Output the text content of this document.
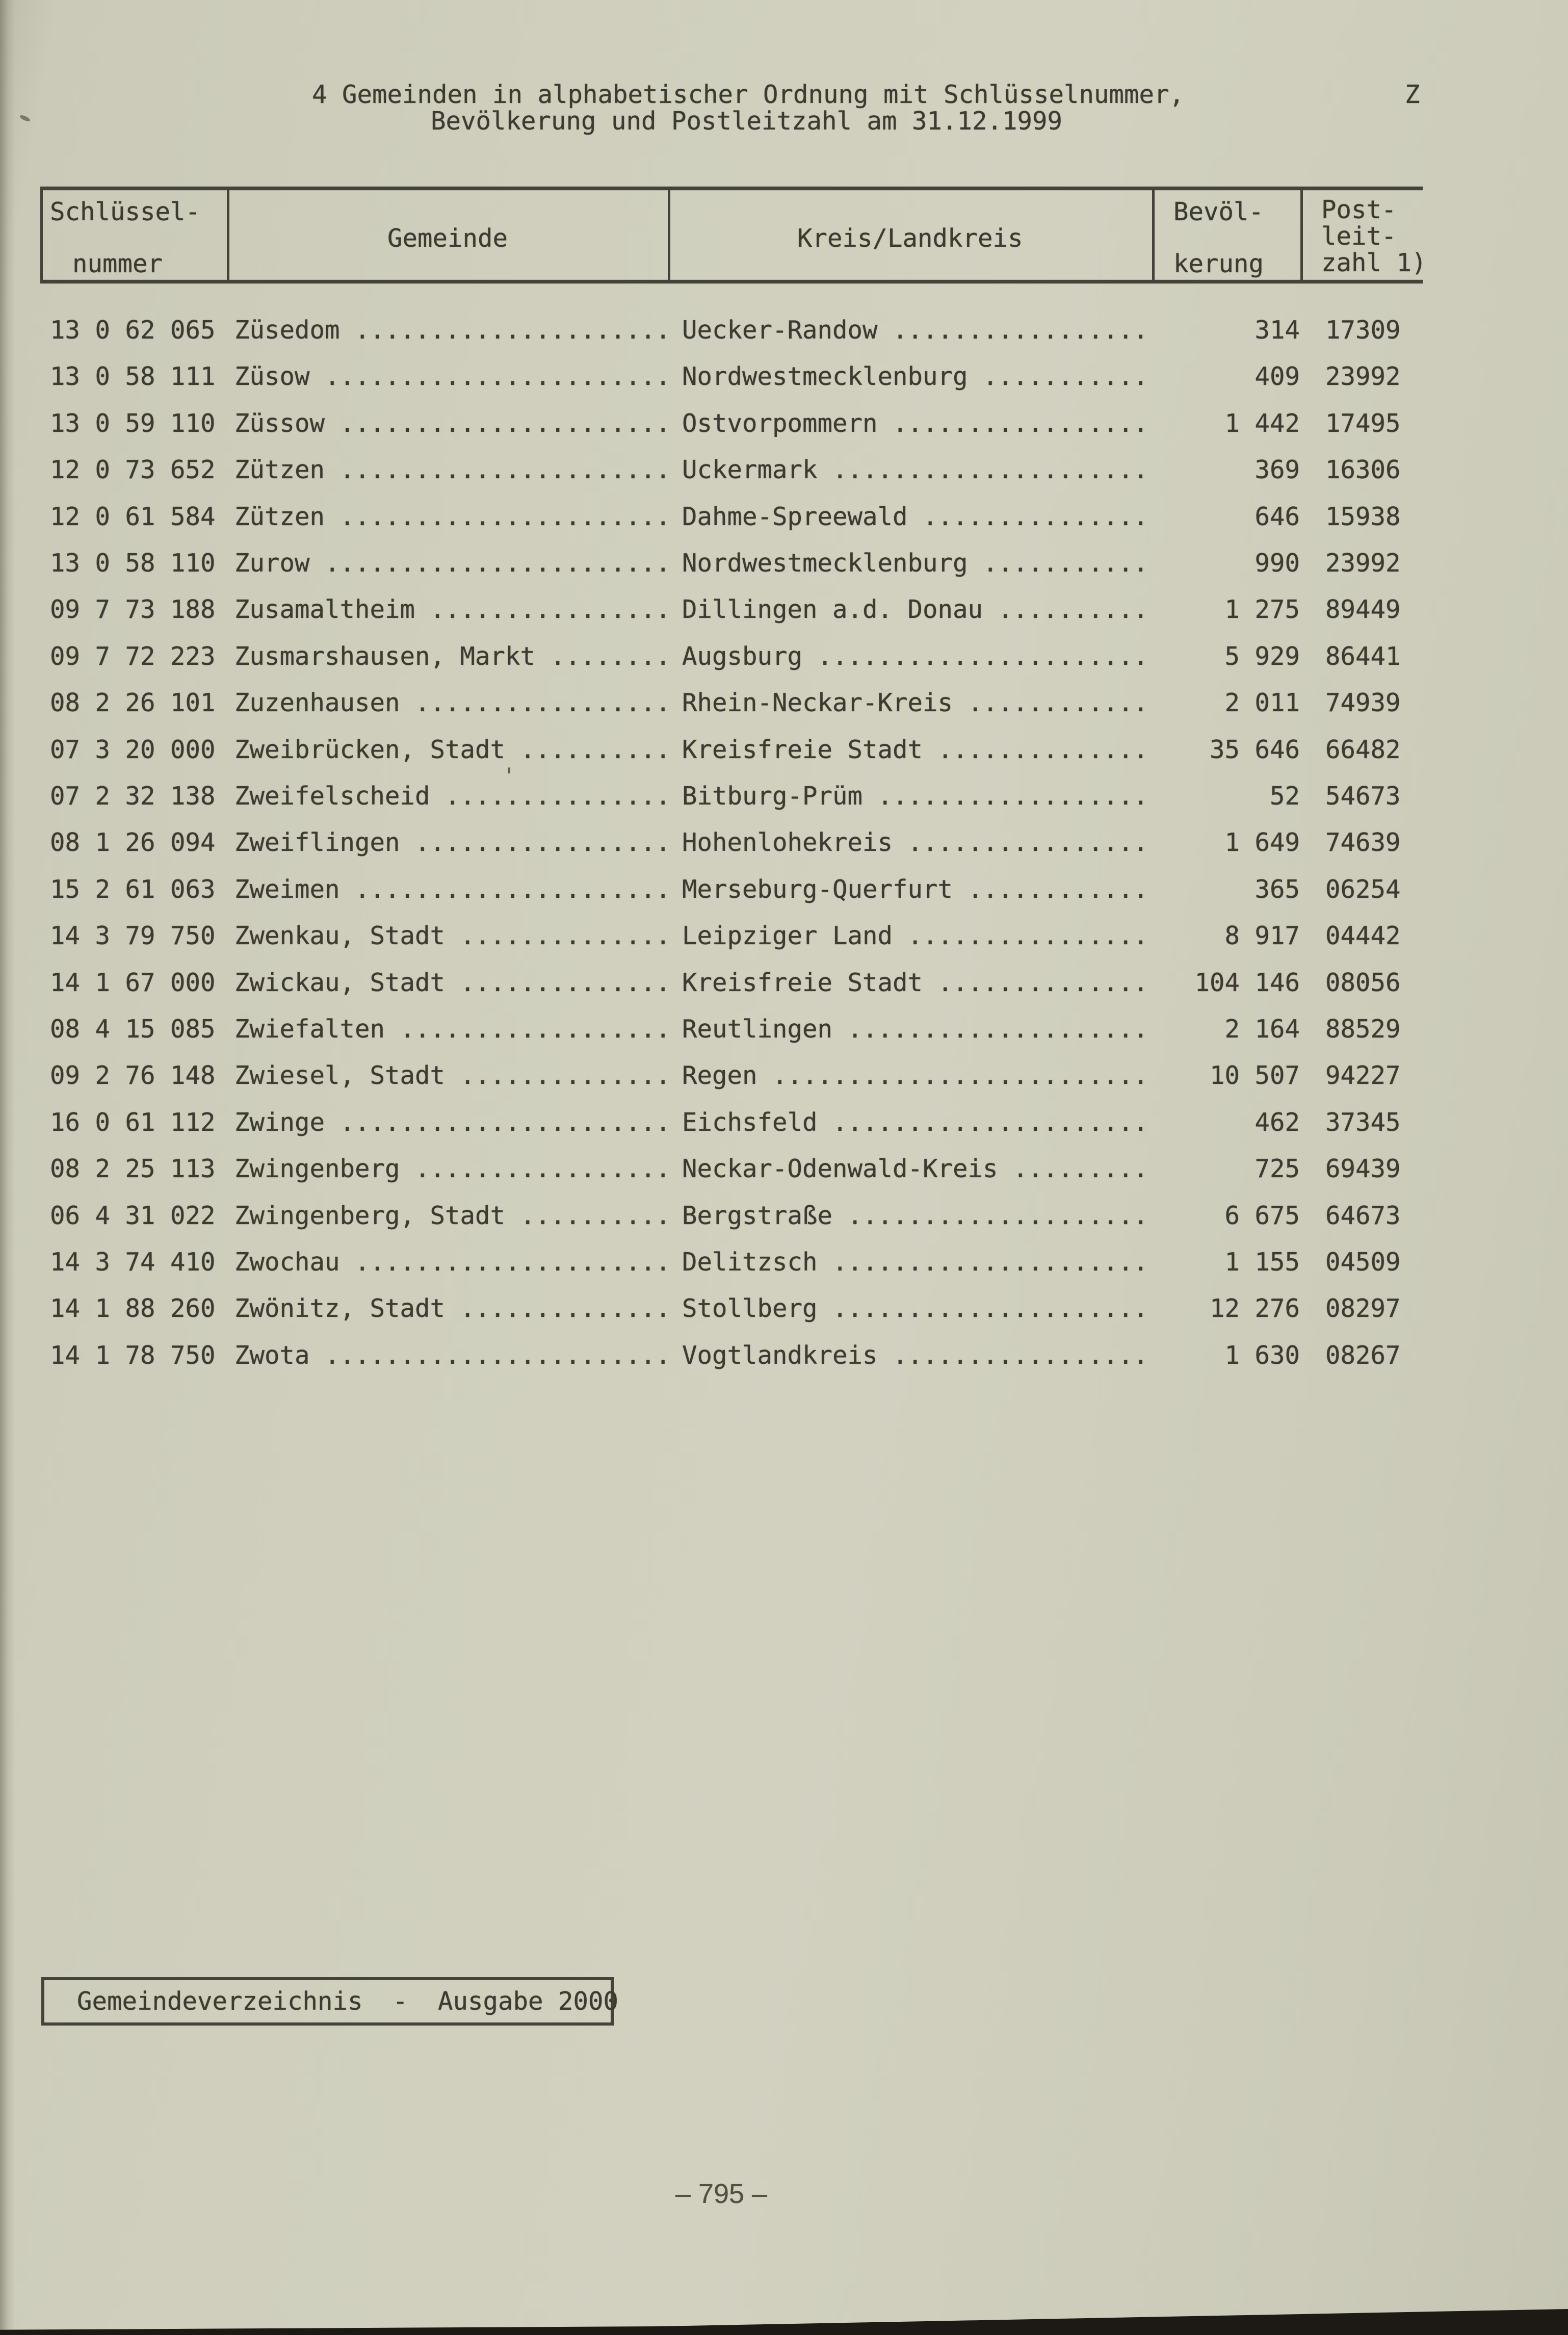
4 Gemeinden in alphabetischer Ordnung mit Schlüsselnummer,
Bevölkerung und Postleitzahl am 31.12.1999
Z
Schlüssel-
nummer
Gemeinde	Kreis/Landkreis
Bevöl-
kerung
Post-
leit-
zahl 1)
13 0 62 065 Züsedom ..................... Uecker-Randow .................	314 17309
13 0 58 111 Züsow ....................... Nordwestmecklenburg ...........	409 23992
13 0 59 110 Züssow ...................... Ostvorpommern .................	1 442 17495
12 0 73 652 Zützen ...................... Uckermark .....................	369 16306
12 0 61 584 Zützen ...................... Dahme-Spreewald ...............	646 15938
13 0 58 110 Zurow ....................... Nordwestmecklenburg ...........	990 23992
09 7 73 188 Zusamaltheim ................ Dillingen a.d. Donau ..........	1 275 89449
09 7 72 223 Zusmarshausen, Markt ........ Augsburg ......................	5 929 86441
08 2 26 101 Zuzenhausen ................. Rhein-Neckar-Kreis ............	2 011 74939
07 3 20 000 Zweibrücken, Stadt .......... Kreisfreie Stadt ..............	35 646 66482
07 2 32 138 Zweifelscheid ............... Bitburg-Prüm ..................	52 54673
08 1 26 094 Zweiflingen ................. Hohenlohekreis ................	1 649 74639
15 2 61 063 Zweimen ..................... Merseburg-Querfurt ............	365 06254
14 3 79 750 Zwenkau, Stadt .............. Leipziger Land ................	8 917 04442
14 1 67 000 Zwickau, Stadt .............. Kreisfreie Stadt ..............	104 146 08056
08 4 15 085 Zwiefalten .................. Reutlingen ....................	2 164 88529
09 2 76 148 Zwiesel, Stadt .............. Regen .........................	10 507 94227
16 0 61 112 Zwinge ...................... Eichsfeld .....................	462 37345
08 2 25 113 Zwingenberg ................. Neckar-Odenwald-Kreis .........	725 69439
06 4 31 022 Zwingenberg, Stadt .......... Bergstraße ....................	6 675 64673
14 3 74 410 Zwochau ..................... Delitzsch .....................	1 155 04509
14 1 88 260 Zwönitz, Stadt .............. Stollberg .....................	12 276 08297
14 1 78 750 Zwota ....................... Vogtlandkreis .................	1 630 08267
Gemeindeverzeichnis  -  Ausgabe 2000
– 795 –
'
